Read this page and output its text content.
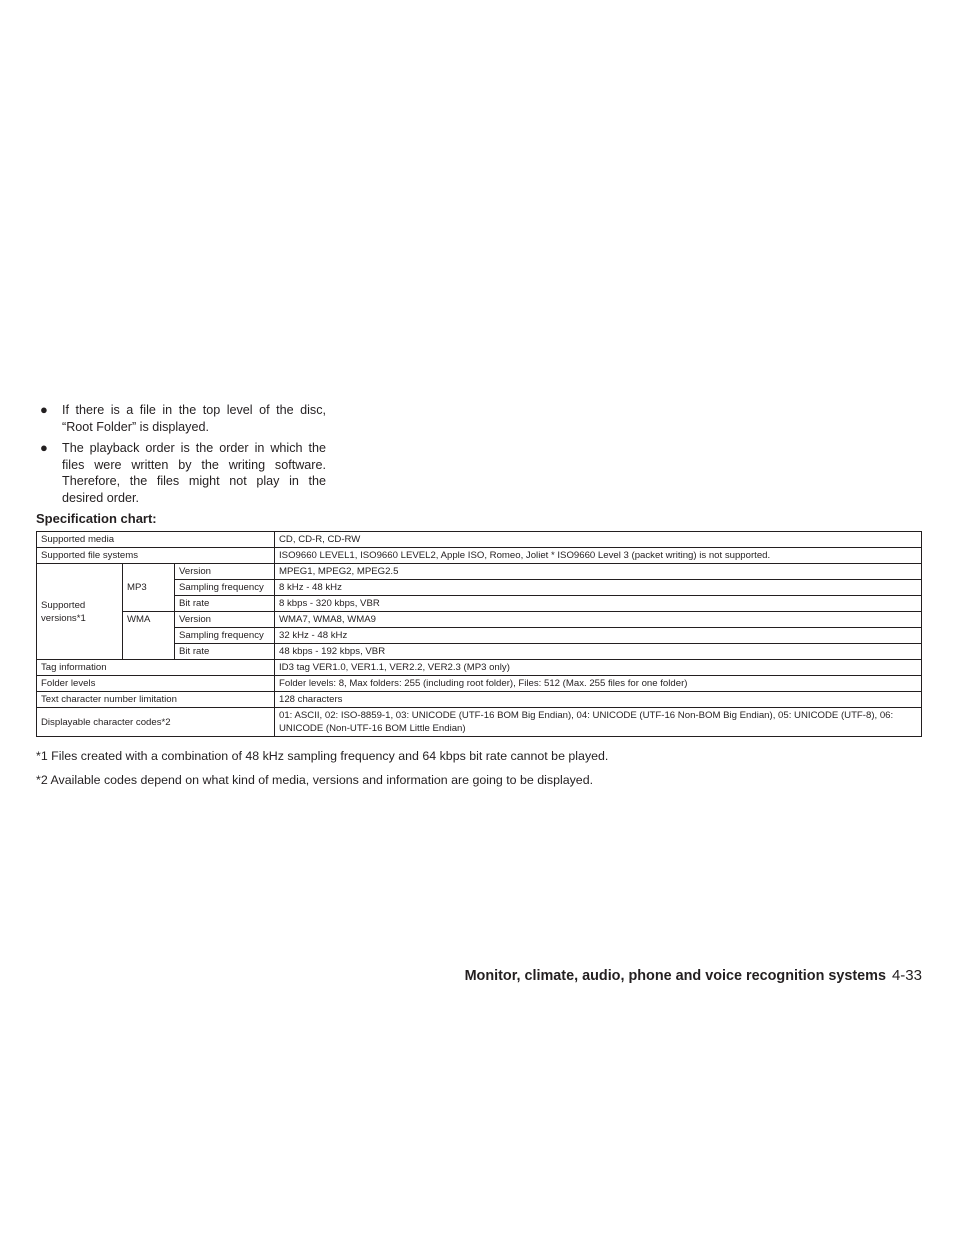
● If there is a file in the top level of the disc, “Root Folder” is displayed.
● The playback order is the order in which the files were written by the writing software. Therefore, the files might not play in the desired order.
Specification chart:
Supported media			CD, CD-R, CD-RW
Supported file systems			ISO9660 LEVEL1, ISO9660 LEVEL2, Apple ISO, Romeo, Joliet * ISO9660 Level 3 (packet writing) is not supported.
Supported versions*1	MP3	Version	MPEG1, MPEG2, MPEG2.5
		Sampling frequency	8 kHz - 48 kHz
		Bit rate	8 kbps - 320 kbps, VBR
	WMA	Version	WMA7, WMA8, WMA9
		Sampling frequency	32 kHz - 48 kHz
		Bit rate	48 kbps - 192 kbps, VBR
Tag information			ID3 tag VER1.0, VER1.1, VER2.2, VER2.3 (MP3 only)
Folder levels			Folder levels: 8, Max folders: 255 (including root folder), Files: 512 (Max. 255 files for one folder)
Text character number limitation			128 characters
Displayable character codes*2			01: ASCII, 02: ISO-8859-1, 03: UNICODE (UTF-16 BOM Big Endian), 04: UNICODE (UTF-16 Non-BOM Big Endian), 05: UNICODE (UTF-8), 06: UNICODE (Non-UTF-16 BOM Little Endian)
*1 Files created with a combination of 48 kHz sampling frequency and 64 kbps bit rate cannot be played.
*2 Available codes depend on what kind of media, versions and information are going to be displayed.
Monitor, climate, audio, phone and voice recognition systems 4-33
